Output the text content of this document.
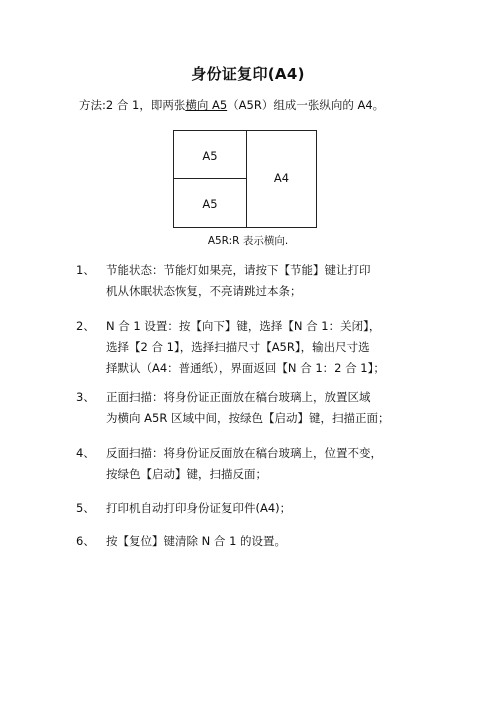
身份证复印(A4)
方法:2 合 1，即两张横向 A5（A5R）组成一张纵向的 A4。
A5
A5
A4
A5R:R 表示横向.
1、 节能状态：节能灯如果亮，请按下【节能】键让打印
机从休眠状态恢复，不亮请跳过本条；
2、 N 合 1 设置：按【向下】键，选择【N 合 1：关闭】，
选择【2 合 1】，选择扫描尺寸【A5R】，输出尺寸选
择默认（A4：普通纸），界面返回【N 合 1：2 合 1】；
3、 正面扫描：将身份证正面放在稿台玻璃上，放置区域
为横向 A5R 区域中间，按绿色【启动】键，扫描正面；
4、 反面扫描：将身份证反面放在稿台玻璃上，位置不变，
按绿色【启动】键，扫描反面；
5、 打印机自动打印身份证复印件(A4)；
6、 按【复位】键清除 N 合 1 的设置。
